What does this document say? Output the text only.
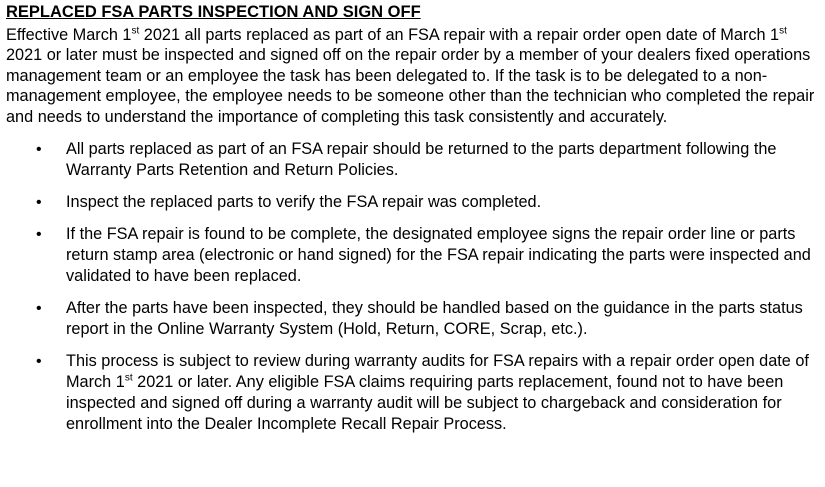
REPLACED FSA PARTS INSPECTION AND SIGN OFF

Effective March 1st 2021 all parts replaced as part of an FSA repair with a repair order open date of March 1st 2021 or later must be inspected and signed off on the repair order by a member of your dealers fixed operations management team or an employee the task has been delegated to. If the task is to be delegated to a non-management employee, the employee needs to be someone other than the technician who completed the repair and needs to understand the importance of completing this task consistently and accurately.

• All parts replaced as part of an FSA repair should be returned to the parts department following the Warranty Parts Retention and Return Policies.
• Inspect the replaced parts to verify the FSA repair was completed.
• If the FSA repair is found to be complete, the designated employee signs the repair order line or parts return stamp area (electronic or hand signed) for the FSA repair indicating the parts were inspected and validated to have been replaced.
• After the parts have been inspected, they should be handled based on the guidance in the parts status report in the Online Warranty System (Hold, Return, CORE, Scrap, etc.).
• This process is subject to review during warranty audits for FSA repairs with a repair order open date of March 1st 2021 or later. Any eligible FSA claims requiring parts replacement, found not to have been inspected and signed off during a warranty audit will be subject to chargeback and consideration for enrollment into the Dealer Incomplete Recall Repair Process.
